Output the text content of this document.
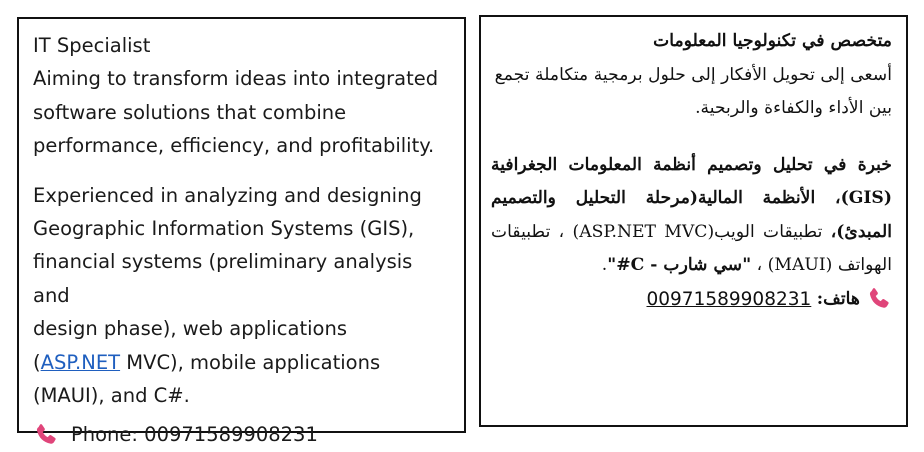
IT Specialist

Aiming to transform ideas into integrated

software solutions that combine

performance, efficiency, and profitability.

Experienced in analyzing and designing

Geographic Information Systems (GIS),

financial systems (preliminary analysis and

design phase), web applications

(ASP.NET MVC), mobile applications

(MAUI), and C#.

Phone: 00971589908231

متخصص في تكنولوجيا المعلومات

أسعى إلى تحويل الأفكار إلى حلول برمجية متكاملة تجمع بين الأداء والكفاءة والربحية.

خبرة في تحليل وتصميم أنظمة المعلومات الجغرافية (GIS)، الأنظمة المالية(مرحلة التحليل والتصميم المبدئ)، تطبيقات الويب(ASP.NET MVC) ، تطبيقات الهواتف (MAUI) ، "سي شارب - C#".

هاتف:

00971589908231
